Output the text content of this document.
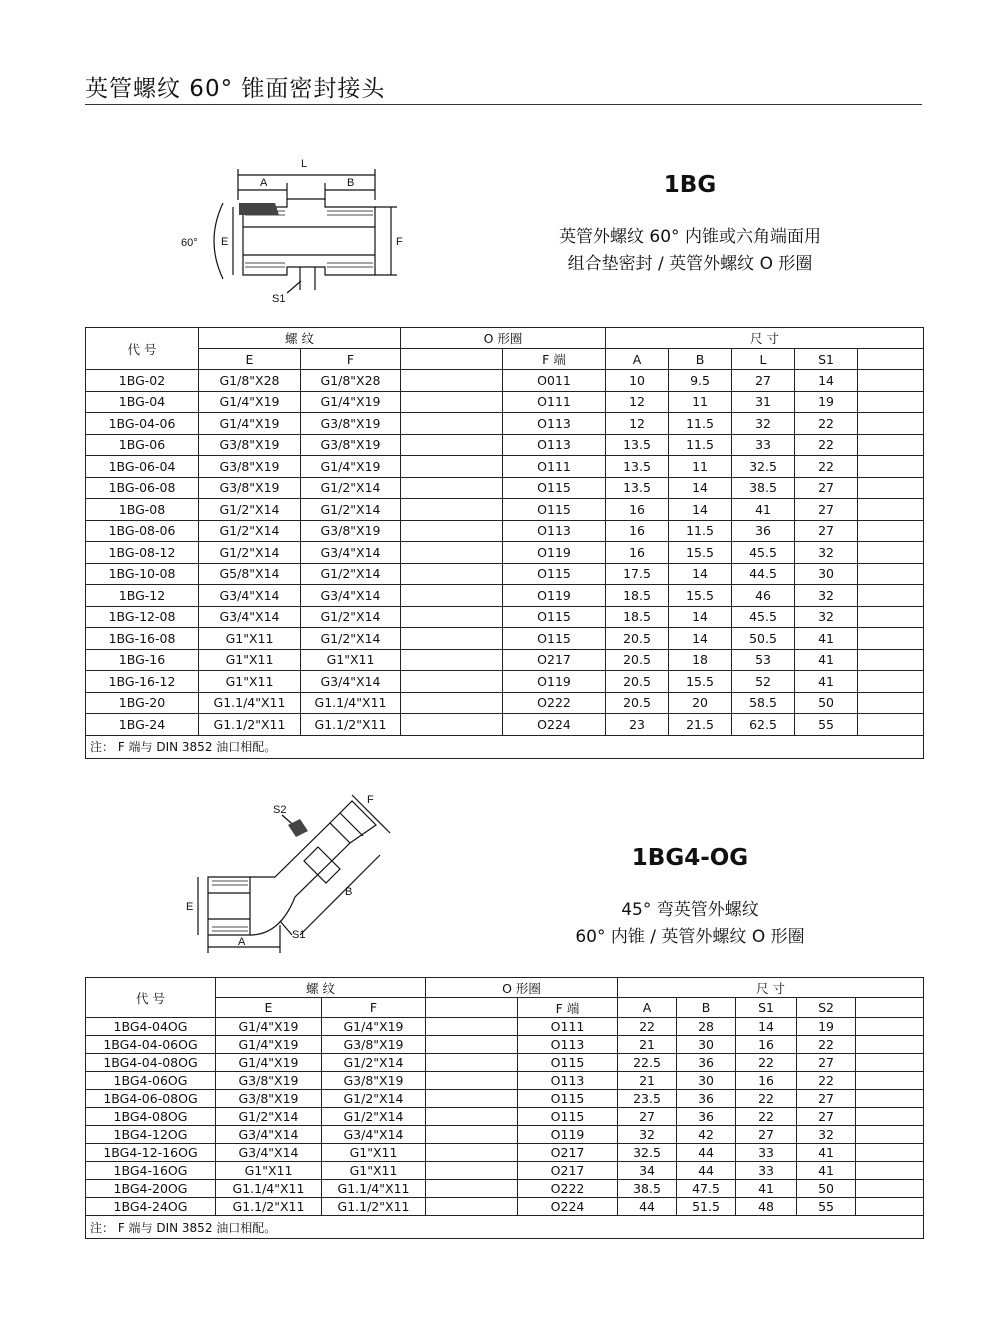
英管螺纹 60° 锥面密封接头
L
A	B
60° E	F
S1
1BG
英管外螺纹 60° 内锥或六角端面用
组合垫密封 / 英管外螺纹 O 形圈
代 号	螺 纹		O 形圈		尺 寸				
	E	F		F 端	A	B	L	S1	
1BG-02	G1/8"X28	G1/8"X28		O011	10	9.5	27	14	
1BG-04	G1/4"X19	G1/4"X19		O111	12	11	31	19	
1BG-04-06	G1/4"X19	G3/8"X19		O113	12	11.5	32	22	
1BG-06	G3/8"X19	G3/8"X19		O113	13.5	11.5	33	22	
1BG-06-04	G3/8"X19	G1/4"X19		O111	13.5	11	32.5	22	
1BG-06-08	G3/8"X19	G1/2"X14		O115	13.5	14	38.5	27	
1BG-08	G1/2"X14	G1/2"X14		O115	16	14	41	27	
1BG-08-06	G1/2"X14	G3/8"X19		O113	16	11.5	36	27	
1BG-08-12	G1/2"X14	G3/4"X14		O119	16	15.5	45.5	32	
1BG-10-08	G5/8"X14	G1/2"X14		O115	17.5	14	44.5	30	
1BG-12	G3/4"X14	G3/4"X14		O119	18.5	15.5	46	32	
1BG-12-08	G3/4"X14	G1/2"X14		O115	18.5	14	45.5	32	
1BG-16-08	G1"X11	G1/2"X14		O115	20.5	14	50.5	41	
1BG-16	G1"X11	G1"X11		O217	20.5	18	53	41	
1BG-16-12	G1"X11	G3/4"X14		O119	20.5	15.5	52	41	
1BG-20	G1.1/4"X11	G1.1/4"X11		O222	20.5	20	58.5	50	
1BG-24	G1.1/2"X11	G1.1/2"X11		O224	23	21.5	62.5	55	
注： F 端与 DIN 3852 油口相配。									
S2
F
B
E
A
S1
1BG4-OG
45° 弯英管外螺纹
60° 内锥 / 英管外螺纹 O 形圈
代 号	螺 纹		O 形圈		尺 寸				
	E	F		F 端	A	B	S1	S2	
1BG4-04OG	G1/4"X19	G1/4"X19		O111	22	28	14	19	
1BG4-04-06OG	G1/4"X19	G3/8"X19		O113	21	30	16	22	
1BG4-04-08OG	G1/4"X19	G1/2"X14		O115	22.5	36	22	27	
1BG4-06OG	G3/8"X19	G3/8"X19		O113	21	30	16	22	
1BG4-06-08OG	G3/8"X19	G1/2"X14		O115	23.5	36	22	27	
1BG4-08OG	G1/2"X14	G1/2"X14		O115	27	36	22	27	
1BG4-12OG	G3/4"X14	G3/4"X14		O119	32	42	27	32	
1BG4-12-16OG	G3/4"X14	G1"X11		O217	32.5	44	33	41	
1BG4-16OG	G1"X11	G1"X11		O217	34	44	33	41	
1BG4-20OG	G1.1/4"X11	G1.1/4"X11		O222	38.5	47.5	41	50	
1BG4-24OG	G1.1/2"X11	G1.1/2"X11		O224	44	51.5	48	55	
注： F 端与 DIN 3852 油口相配。									
